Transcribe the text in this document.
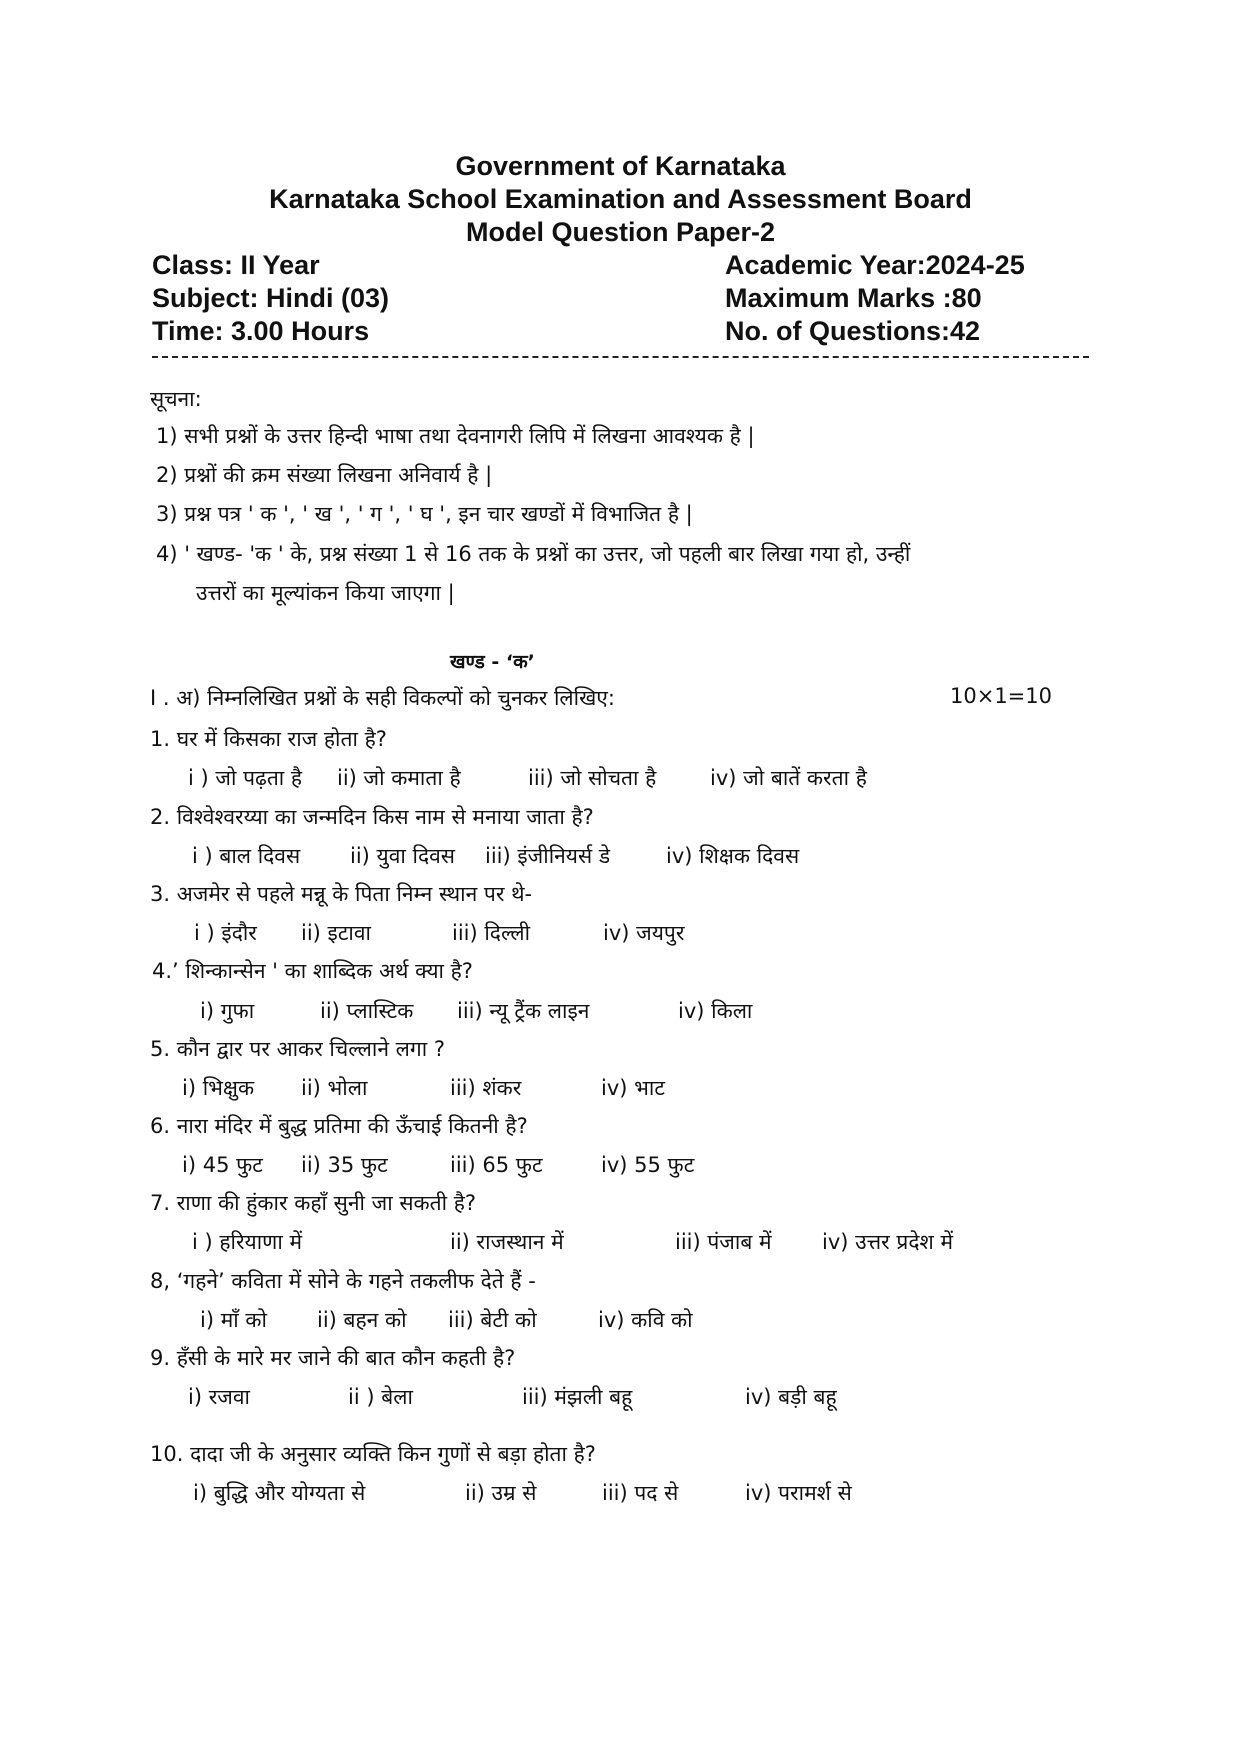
Government of Karnataka
Karnataka School Examination and Assessment Board
Model Question Paper-2
Class: II Year	Academic Year:2024-25
Subject: Hindi (03)	Maximum Marks :80
Time: 3.00 Hours	No. of Questions:42
सूचना:
1) सभी प्रश्नों के उत्तर हिन्दी भाषा तथा देवनागरी लिपि में लिखना आवश्यक है |
2) प्रश्नों की क्रम संख्या लिखना अनिवार्य है |
3) प्रश्न पत्र ' क ', ' ख ', ' ग ', ' घ ', इन चार खण्डों में विभाजित है |
4) ' खण्ड- 'क ' के, प्रश्न संख्या 1 से 16 तक के प्रश्नों का उत्तर, जो पहली बार लिखा गया हो, उन्हीं
उत्तरों का मूल्यांकन किया जाएगा |
खण्ड - ‘क’
I . अ) निम्नलिखित प्रश्नों के सही विकल्पों को चुनकर लिखिए:	10×1=10
1. घर में किसका राज होता है?
i ) जो पढ़ता है ii) जो कमाता है	iii) जो सोचता है	iv) जो बातें करता है
2. विश्वेश्वरय्या का जन्मदिन किस नाम से मनाया जाता है?
i ) बाल दिवस ii) युवा दिवस iii) इंजीनियर्स डे	iv) शिक्षक दिवस
3. अजमेर से पहले मन्नू के पिता निम्न स्थान पर थे-
i ) इंदौर ii) इटावा	iii) दिल्ली	iv) जयपुर
4.’ शिन्कान्सेन ' का शाब्दिक अर्थ क्या है?
i) गुफा	ii) प्लास्टिक iii) न्यू ट्रैंक लाइन	iv) किला
5. कौन द्वार पर आकर चिल्लाने लगा ?
i) भिक्षुक ii) भोला	iii) शंकर	iv) भाट
6. नारा मंदिर में बुद्ध प्रतिमा की ऊँचाई कितनी है?
i) 45 फुट ii) 35 फुट	iii) 65 फुट	iv) 55 फुट
7. राणा की हुंकार कहाँ सुनी जा सकती है?
i ) हरियाणा में	ii) राजस्थान में	iii) पंजाब में iv) उत्तर प्रदेश में
8, ‘गहने’ कविता में सोने के गहने तकलीफ देते हैं -
i) माँ को ii) बहन को iii) बेटी को	iv) कवि को
9. हँसी के मारे मर जाने की बात कौन कहती है?
i) रजवा	ii ) बेला	iii) मंझली बहू	iv) बड़ी बहू
10. दादा जी के अनुसार व्यक्ति किन गुणों से बड़ा होता है?
i) बुद्धि और योग्यता से	ii) उम्र से	iii) पद से	iv) परामर्श से
